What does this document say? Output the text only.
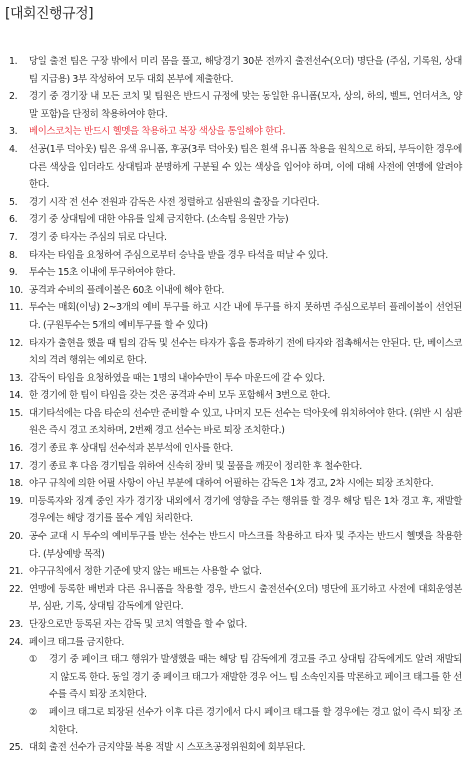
[대회진행규정]
1.	당일 출전 팀은 구장 밖에서 미리 몸을 풀고, 해당경기 30분 전까지 출전선수(오더) 명단을 (주심, 기록원, 상대팀 지급용) 3부 작성하여 모두 대회 본부에 제출한다.
2.	경기 중 경기장 내 모든 코치 및 팀원은 반드시 규정에 맞는 동일한 유니폼(모자, 상의, 하의, 벨트, 언더셔츠, 양말 포함)을 단정히 착용하여야 한다.
3.	베이스코치는 반드시 헬멧을 착용하고 복장 색상을 통일해야 한다.
4.	선공(1루 덕아웃) 팀은 유색 유니폼, 후공(3루 덕아웃) 팀은 흰색 유니폼 착용을 원칙으로 하되, 부득이한 경우에 다른 색상을 입더라도 상대팀과 분명하게 구분될 수 있는 색상을 입어야 하며, 이에 대해 사전에 연맹에 알려야 한다.
5.	경기 시작 전 선수 전원과 감독은 사전 정렬하고 심판원의 출장을 기다린다.
6.	경기 중 상대팀에 대한 야유를 일체 금지한다. (소속팀 응원만 가능)
7.	경기 중 타자는 주심의 뒤로 다닌다.
8.	타자는 타임을 요청하여 주심으로부터 승낙을 받을 경우 타석을 떠날 수 있다.
9.	투수는 15초 이내에 투구하여야 한다.
10. 공격과 수비의 플레이볼은 60초 이내에 해야 한다.
11. 투수는 매회(이닝) 2~3개의 예비 투구를 하고 시간 내에 투구를 하지 못하면 주심으로부터 플레이볼이 선언된다. (구원투수는 5개의 예비투구를 할 수 있다)
12. 타자가 출현을 했을 때 팀의 감독 및 선수는 타자가 홈을 통과하기 전에 타자와 접촉해서는 안된다. 단, 베이스코치의 격려 행위는 예외로 한다.
13. 감독이 타임을 요청하였을 때는 1명의 내야수만이 투수 마운드에 갈 수 있다.
14. 한 경기에 한 팀이 타임을 갖는 것은 공격과 수비 모두 포함해서 3번으로 한다.
15. 대기타석에는 다음 타순의 선수만 준비할 수 있고, 나머지 모든 선수는 덕아웃에 위치하여야 한다. (위반 시 심판원은 즉시 경고 조치하며, 2번째 경고 선수는 바로 퇴장 조치한다.)
16. 경기 종료 후 상대팀 선수석과 본부석에 인사를 한다.
17. 경기 종료 후 다음 경기팀을 위하여 신속히 장비 및 물품을 깨끗이 정리한 후 철수한다.
18. 야구 규칙에 의한 어필 사항이 아닌 부분에 대하여 어필하는 감독은 1차 경고, 2차 시에는 퇴장 조치한다.
19. 미등록자와 징계 중인 자가 경기장 내외에서 경기에 영향을 주는 행위를 할 경우 해당 팀은 1차 경고 후, 재발할 경우에는 해당 경기를 몰수 게임 처리한다.
20. 공수 교대 시 투수의 예비투구를 받는 선수는 반드시 마스크를 착용하고 타자 및 주자는 반드시 헬멧을 착용한다. (부상예방 목적)
21. 야구규칙에서 정한 기준에 맞지 않는 배트는 사용할 수 없다.
22. 연맹에 등록한 배번과 다른 유니폼을 착용할 경우, 반드시 출전선수(오더) 명단에 표기하고 사전에 대회운영본부, 심판, 기록, 상대팀 감독에게 알린다.
23. 단장으로만 등록된 자는 감독 및 코치 역할을 할 수 없다.
24. 페이크 태그를 금지한다.
①	경기 중 페이크 태그 행위가 발생했을 때는 해당 팀 감독에게 경고를 주고 상대팀 감독에게도 알려 재발되지 않도록 한다. 동일 경기 중 페이크 태그가 재발한 경우 어느 팀 소속인지를 막론하고 페이크 태그를 한 선수를 즉시 퇴장 조치한다.
②	페이크 태그로 퇴장된 선수가 이후 다른 경기에서 다시 페이크 태그를 할 경우에는 경고 없이 즉시 퇴장 조치한다.
25. 대회 출전 선수가 금지약물 복용 적발 시 스포츠공정위원회에 회부된다.
